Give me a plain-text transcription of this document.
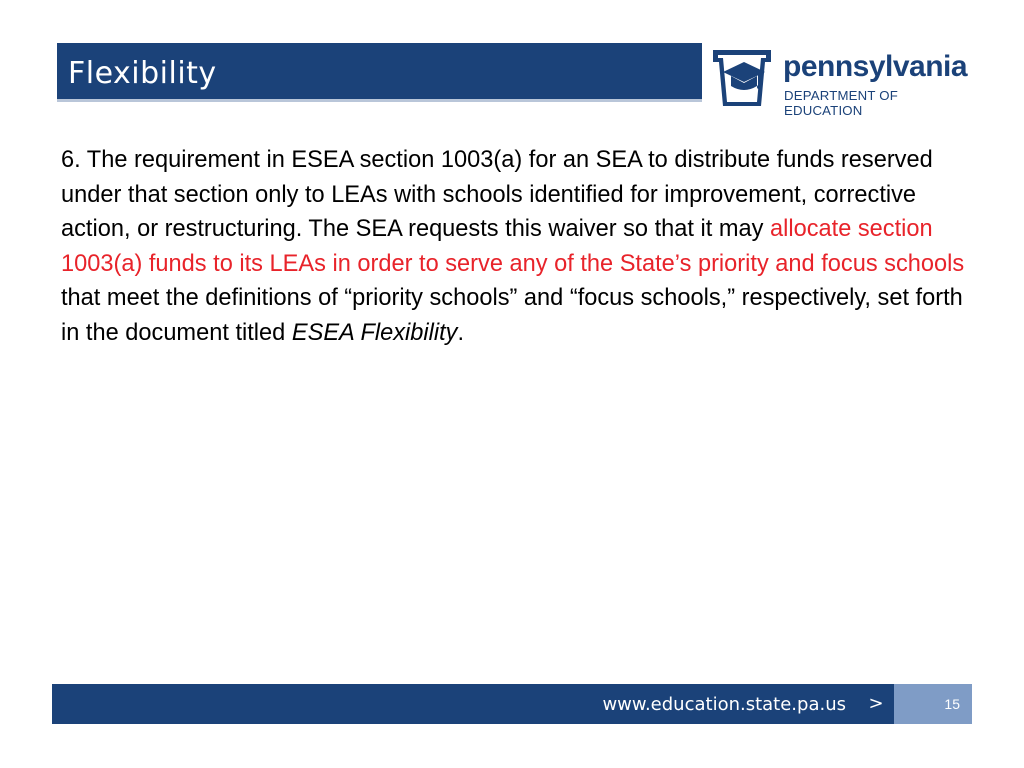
Flexibility	pennsylvania
DEPARTMENT OF EDUCATION
6. The requirement in ESEA section 1003(a) for an SEA to distribute funds reserved under that section only to LEAs with schools identified for improvement, corrective action, or restructuring. The SEA requests this waiver so that it may allocate section 1003(a) funds to its LEAs in order to serve any of the State’s priority and focus schools that meet the definitions of “priority schools” and “focus schools,” respectively, set forth in the document titled ESEA Flexibility.
www.education.state.pa.us	>	15
